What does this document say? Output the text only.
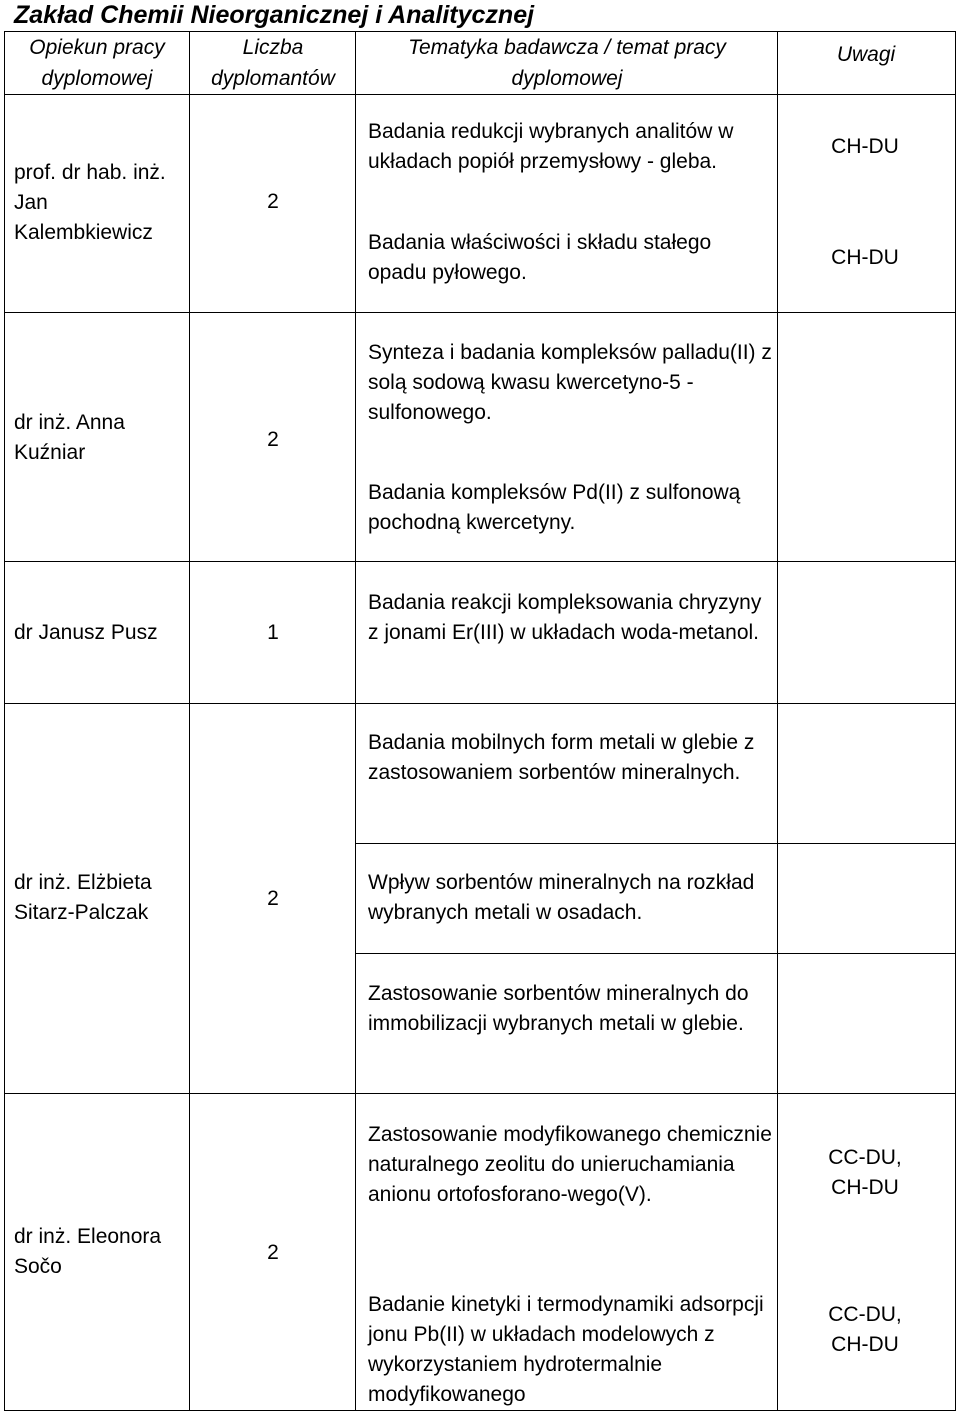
Zakład Chemii Nieorganicznej i Analitycznej
Opiekun pracy dyplomowej
Liczba dyplomantów
Tematyka badawcza / temat pracy dyplomowej
Uwagi
prof. dr hab. inż. Jan Kalembkiewicz
2
Badania redukcji wybranych analitów w układach popiół przemysłowy - gleba.
Badania właściwości i składu stałego opadu pyłowego.
CH-DU
CH-DU
dr inż. Anna Kuźniar
2
Synteza i badania kompleksów palladu(II) z solą sodową kwasu kwercetyno-5 -sulfonowego.
Badania kompleksów Pd(II) z sulfonową pochodną kwercetyny.
dr Janusz Pusz	1
Badania reakcji kompleksowania chryzyny z jonami Er(III) w układach woda-metanol.
dr inż. Elżbieta Sitarz-Palczak
2
Badania mobilnych form metali w glebie z zastosowaniem sorbentów mineralnych.
Wpływ sorbentów mineralnych na rozkład wybranych metali w osadach.
Zastosowanie sorbentów mineralnych do immobilizacji wybranych metali w glebie.
dr inż. Eleonora Sočo
2
Zastosowanie modyfikowanego chemicznie naturalnego zeolitu do unieruchamiania anionu ortofosforano-wego(V).
Badanie kinetyki i termodynamiki adsorpcji jonu Pb(II) w układach modelowych z wykorzystaniem hydrotermalnie modyfikowanego
CC-DU, CH-DU
CC-DU, CH-DU
